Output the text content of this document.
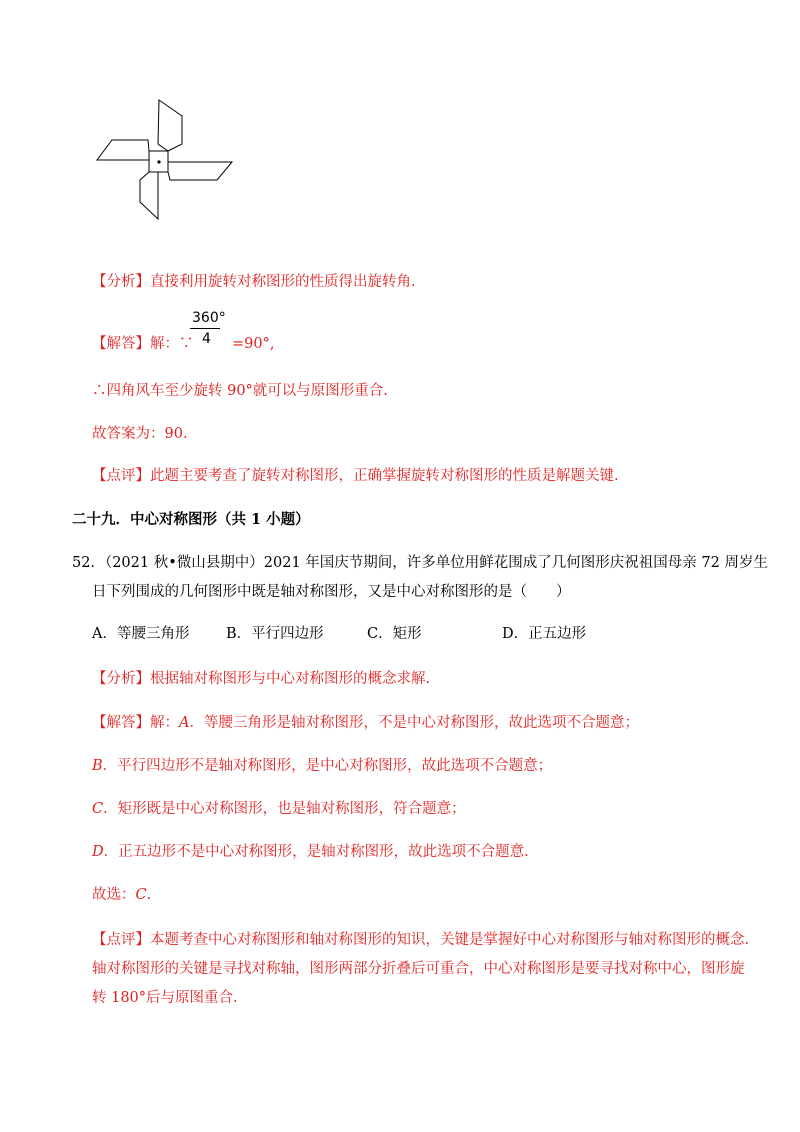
【分析】直接利用旋转对称图形的性质得出旋转角.
360°
4
【解答】解：∵	=90°,
∴四角风车至少旋转 90°就可以与原图形重合.
故答案为：90.
【点评】此题主要考查了旋转对称图形，正确掌握旋转对称图形的性质是解题关键.
二十九．中心对称图形（共 1 小题）
52．（2021 秋•微山县期中）2021 年国庆节期间，许多单位用鲜花围成了几何图形庆祝祖国母亲 72 周岁生
日下列围成的几何图形中既是轴对称图形，又是中心对称图形的是（　　）
A．等腰三角形	B．平行四边形	C．矩形	D．正五边形
【分析】根据轴对称图形与中心对称图形的概念求解.
【解答】解：A．等腰三角形是轴对称图形，不是中心对称图形，故此选项不合题意；
B．平行四边形不是轴对称图形，是中心对称图形，故此选项不合题意；
C．矩形既是中心对称图形，也是轴对称图形，符合题意；
D．正五边形不是中心对称图形，是轴对称图形，故此选项不合题意.
故选：C.
【点评】本题考查中心对称图形和轴对称图形的知识，关键是掌握好中心对称图形与轴对称图形的概念.
轴对称图形的关键是寻找对称轴，图形两部分折叠后可重合，中心对称图形是要寻找对称中心，图形旋
转 180°后与原图重合.
